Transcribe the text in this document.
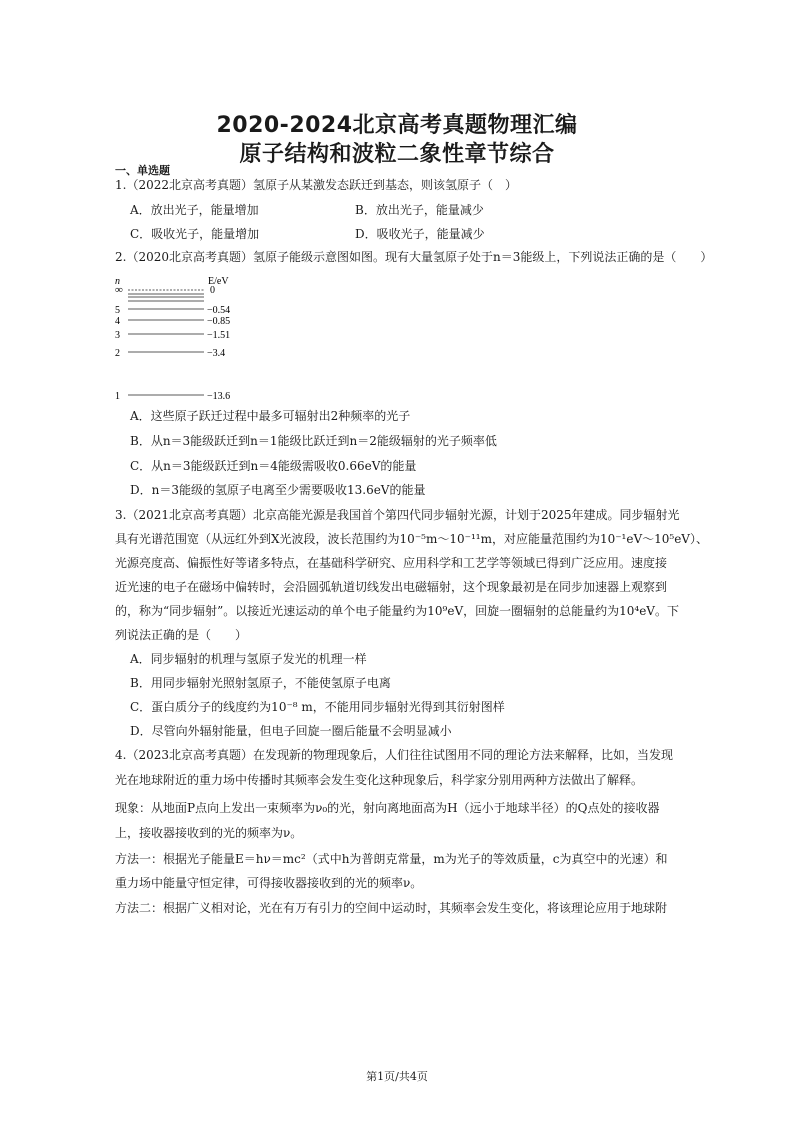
2020-2024北京高考真题物理汇编
原子结构和波粒二象性章节综合
一、单选题
1.（2022北京高考真题）氢原子从某激发态跃迁到基态，则该氢原子（　）
A．放出光子，能量增加	B．放出光子，能量减少
C．吸收光子，能量增加	D．吸收光子，能量减少
2.（2020北京高考真题）氢原子能级示意图如图。现有大量氢原子处于n＝3能级上，下列说法正确的是（　　）
n	E/eV
∞	0
5	−0.54
4	−0.85
3	−1.51
2	−3.4
1	−13.6
A．这些原子跃迁过程中最多可辐射出2种频率的光子
B．从n＝3能级跃迁到n＝1能级比跃迁到n＝2能级辐射的光子频率低
C．从n＝3能级跃迁到n＝4能级需吸收0.66eV的能量
D．n＝3能级的氢原子电离至少需要吸收13.6eV的能量
3.（2021北京高考真题）北京高能光源是我国首个第四代同步辐射光源，计划于2025年建成。同步辐射光
具有光谱范围宽（从远红外到X光波段，波长范围约为10⁻⁵m～10⁻¹¹m，对应能量范围约为10⁻¹eV～10⁵eV）、
光源亮度高、偏振性好等诸多特点，在基础科学研究、应用科学和工艺学等领域已得到广泛应用。速度接
近光速的电子在磁场中偏转时，会沿圆弧轨道切线发出电磁辐射，这个现象最初是在同步加速器上观察到
的，称为“同步辐射”。以接近光速运动的单个电子能量约为10⁹eV，回旋一圈辐射的总能量约为10⁴eV。下
列说法正确的是（　　）
A．同步辐射的机理与氢原子发光的机理一样
B．用同步辐射光照射氢原子，不能使氢原子电离
C．蛋白质分子的线度约为10⁻⁸ m，不能用同步辐射光得到其衍射图样
D．尽管向外辐射能量，但电子回旋一圈后能量不会明显减小
4.（2023北京高考真题）在发现新的物理现象后，人们往往试图用不同的理论方法来解释，比如，当发现
光在地球附近的重力场中传播时其频率会发生变化这种现象后，科学家分别用两种方法做出了解释。
现象：从地面P点向上发出一束频率为ν₀的光，射向离地面高为H（远小于地球半径）的Q点处的接收器
上，接收器接收到的光的频率为ν。
方法一：根据光子能量E＝hν＝mc²（式中h为普朗克常量，m为光子的等效质量，c为真空中的光速）和
重力场中能量守恒定律，可得接收器接收到的光的频率ν。
方法二：根据广义相对论，光在有万有引力的空间中运动时，其频率会发生变化，将该理论应用于地球附
第1页/共4页
